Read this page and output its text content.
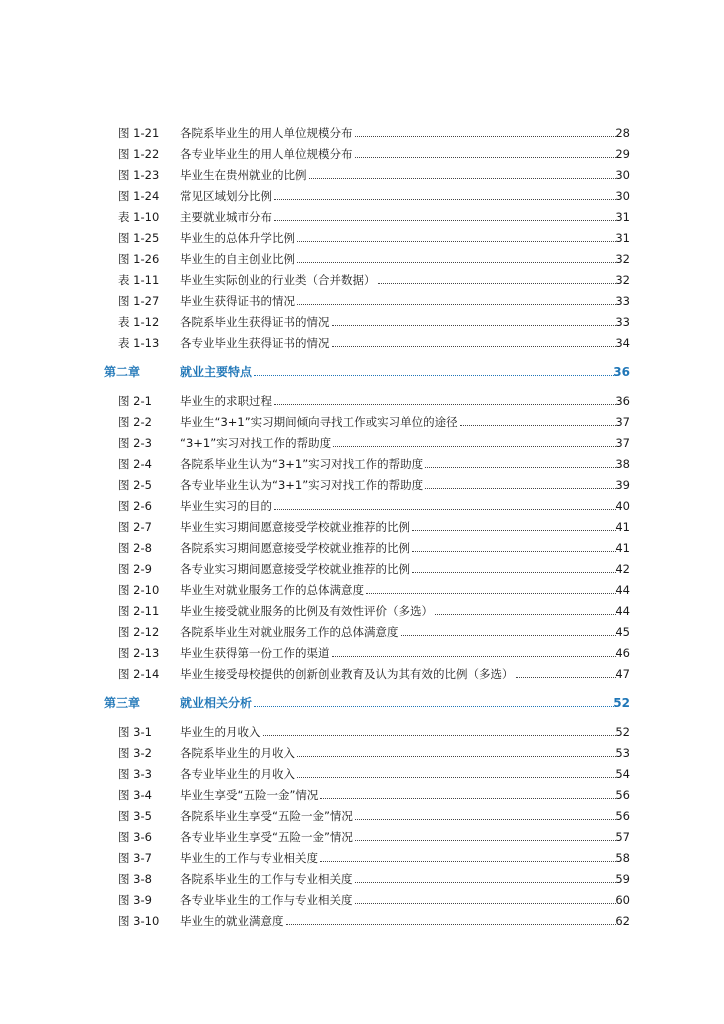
图 1-21 各院系毕业生的用人单位规模分布	28
图 1-22 各专业毕业生的用人单位规模分布	29
图 1-23 毕业生在贵州就业的比例	30
图 1-24 常见区域划分比例	30
表 1-10 主要就业城市分布	31
图 1-25 毕业生的总体升学比例	31
图 1-26 毕业生的自主创业比例	32
表 1-11 毕业生实际创业的行业类（合并数据）	32
图 1-27 毕业生获得证书的情况	33
表 1-12 各院系毕业生获得证书的情况	33
表 1-13 各专业毕业生获得证书的情况	34
第二章	就业主要特点	36
图 2-1 毕业生的求职过程	36
图 2-2 毕业生“3+1”实习期间倾向寻找工作或实习单位的途径	37
图 2-3 “3+1”实习对找工作的帮助度	37
图 2-4 各院系毕业生认为“3+1”实习对找工作的帮助度	38
图 2-5 各专业毕业生认为“3+1”实习对找工作的帮助度	39
图 2-6 毕业生实习的目的	40
图 2-7 毕业生实习期间愿意接受学校就业推荐的比例	41
图 2-8 各院系实习期间愿意接受学校就业推荐的比例	41
图 2-9 各专业实习期间愿意接受学校就业推荐的比例	42
图 2-10 毕业生对就业服务工作的总体满意度	44
图 2-11 毕业生接受就业服务的比例及有效性评价（多选）	44
图 2-12 各院系毕业生对就业服务工作的总体满意度	45
图 2-13 毕业生获得第一份工作的渠道	46
图 2-14 毕业生接受母校提供的创新创业教育及认为其有效的比例（多选）	47
第三章	就业相关分析	52
图 3-1 毕业生的月收入	52
图 3-2 各院系毕业生的月收入	53
图 3-3 各专业毕业生的月收入	54
图 3-4 毕业生享受“五险一金”情况	56
图 3-5 各院系毕业生享受“五险一金”情况	56
图 3-6 各专业毕业生享受“五险一金”情况	57
图 3-7 毕业生的工作与专业相关度	58
图 3-8 各院系毕业生的工作与专业相关度	59
图 3-9 各专业毕业生的工作与专业相关度	60
图 3-10 毕业生的就业满意度	62
